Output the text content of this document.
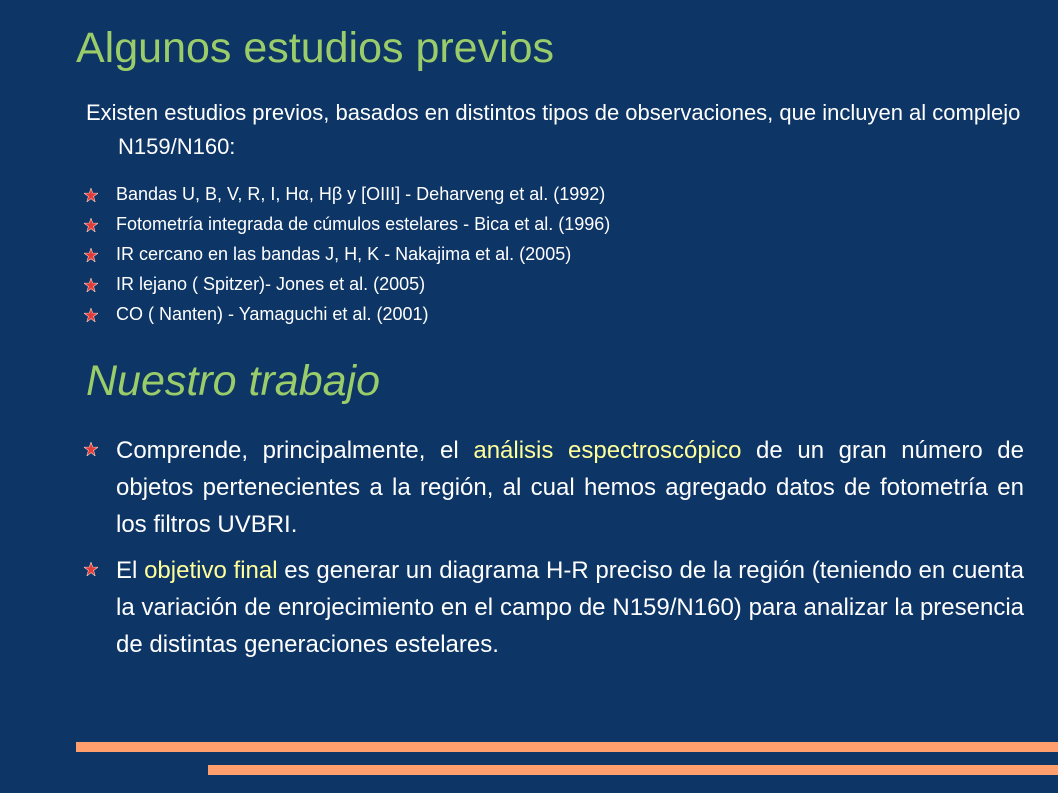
Algunos estudios previos
Existen estudios previos, basados en distintos tipos de observaciones, que incluyen al complejo N159/N160:
Bandas U, B, V, R, I, Hα, Hβ y [OIII] - Deharveng et al. (1992)
Fotometría integrada de cúmulos estelares - Bica et al. (1996)
IR cercano en las bandas J, H, K - Nakajima et al. (2005)
IR lejano ( Spitzer)- Jones et al. (2005)
CO ( Nanten) - Yamaguchi et al. (2001)
Nuestro trabajo
Comprende, principalmente, el análisis espectroscópico de un gran número de objetos pertenecientes a la región, al cual hemos agregado datos de fotometría en los filtros UVBRI.
El objetivo final es generar un diagrama H-R preciso de la región (teniendo en cuenta la variación de enrojecimiento en el campo de N159/N160) para analizar la presencia de distintas generaciones estelares.
